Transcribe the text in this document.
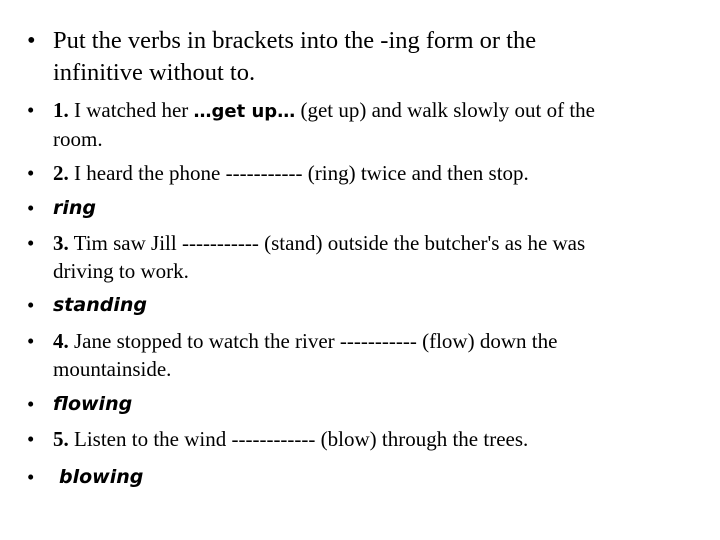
• Put the verbs in brackets into the -ing form or the
infinitive without to.
• 1. I watched her …get up… (get up) and walk slowly out of the
room.
• 2. I heard the phone ----------- (ring) twice and then stop.
• ring
• 3. Tim saw Jill ----------- (stand) outside the butcher's as he was
driving to work.
• standing
• 4. Jane stopped to watch the river ----------- (flow) down the
mountainside.
• flowing
• 5. Listen to the wind ------------ (blow) through the trees.
• blowing
